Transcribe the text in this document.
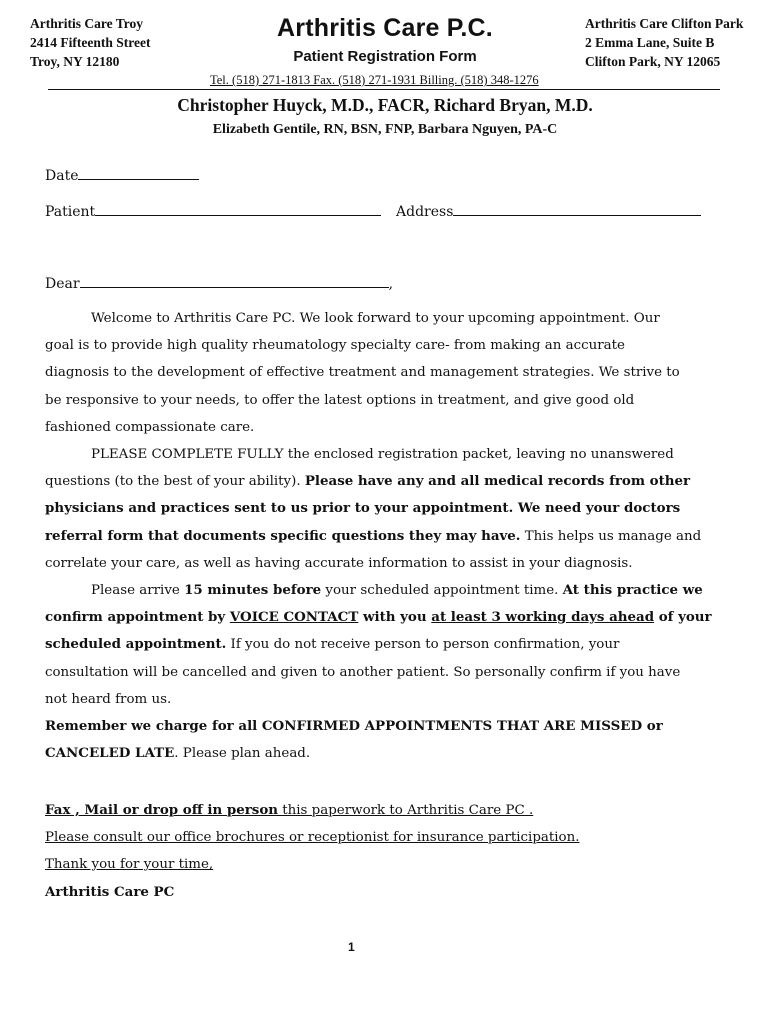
Arthritis Care Troy
2414 Fifteenth Street
Troy, NY 12180
Arthritis Care P.C.
Patient Registration Form
Arthritis Care Clifton Park
2 Emma Lane, Suite B
Clifton Park, NY 12065
Tel. (518) 271-1813 Fax. (518) 271-1931 Billing. (518) 348-1276
Christopher Huyck, M.D., FACR, Richard Bryan, M.D.
Elizabeth Gentile, RN, BSN, FNP, Barbara Nguyen, PA-C
Date
Patient	Address
Dear	,
Welcome to Arthritis Care PC. We look forward to your upcoming appointment. Our
goal is to provide high quality rheumatology specialty care- from making an accurate
diagnosis to the development of effective treatment and management strategies. We strive to
be responsive to your needs, to offer the latest options in treatment, and give good old
fashioned compassionate care.
PLEASE COMPLETE FULLY the enclosed registration packet, leaving no unanswered
questions (to the best of your ability). Please have any and all medical records from other
physicians and practices sent to us prior to your appointment. We need your doctors
referral form that documents specific questions they may have. This helps us manage and
correlate your care, as well as having accurate information to assist in your diagnosis.
Please arrive 15 minutes before your scheduled appointment time. At this practice we
confirm appointment by VOICE CONTACT with you at least 3 working days ahead of your
scheduled appointment. If you do not receive person to person confirmation, your
consultation will be cancelled and given to another patient. So personally confirm if you have
not heard from us.
Remember we charge for all CONFIRMED APPOINTMENTS THAT ARE MISSED or
CANCELED LATE. Please plan ahead.
Fax , Mail or drop off in person this paperwork to Arthritis Care PC .
Please consult our office brochures or receptionist for insurance participation.
Thank you for your time,
Arthritis Care PC
1
